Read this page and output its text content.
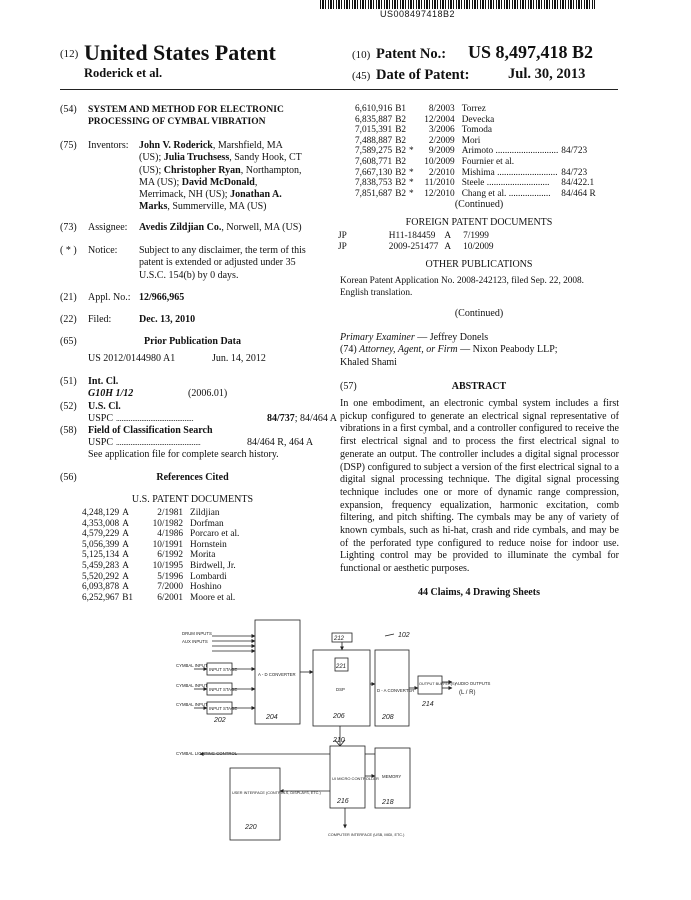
US008497418B2
(12) United States Patent
Roderick et al.
(10) Patent No.: US 8,497,418 B2
(45) Date of Patent:	Jul. 30, 2013
(54) SYSTEM AND METHOD FOR ELECTRONIC
PROCESSING OF CYMBAL VIBRATION
(75) Inventors: John V. Roderick, Marshfield, MA
(US); Julia Truchsess, Sandy Hook, CT
(US); Christopher Ryan, Northampton,
MA (US); David McDonald,
Merrimack, NH (US); Jonathan A.
Marks, Summerville, MA (US)
(73) Assignee: Avedis Zildjian Co., Norwell, MA (US)
( * ) Notice: Subject to any disclaimer, the term of this
patent is extended or adjusted under 35
U.S.C. 154(b) by 0 days.
(21) Appl. No.: 12/966,965
(22) Filed:	Dec. 13, 2010
(65)	Prior Publication Data
US 2012/0144980 A1	Jun. 14, 2012
(51) Int. Cl.
G10H 1/12	(2006.01)
(52) U.S. Cl.
USPC ...........................................	84/737; 84/464 A
(58) Field of Classification Search
USPC ...............................................	84/464 R, 464 A
See application file for complete search history.
(56)	References Cited
U.S. PATENT DOCUMENTS
4,248,129	A		2/1981	Zildjian
4,353,008	A		10/1982	Dorfman
4,579,229	A		4/1986	Porcaro et al.
5,056,399	A		10/1991	Hornstein
5,125,134	A		6/1992	Morita
5,459,283	A		10/1995	Birdwell, Jr.
5,520,292	A		5/1996	Lombardi
6,093,878	A		7/2000	Hoshino
6,252,967	B1		6/2001	Moore et al.
6,610,916	B1		8/2003	Torrez	
6,835,887	B2		12/2004	Devecka	
7,015,391	B2		3/2006	Tomoda	
7,488,887	B2		2/2009	Mori	
7,589,275	B2	*	9/2009	Arimoto ...........................	84/723
7,608,771	B2		10/2009	Fournier et al.	
7,667,130	B2	*	2/2010	Mishima ..........................	84/723
7,838,753	B2	*	11/2010	Steele ...........................	84/422.1
7,851,687	B2	*	12/2010	Chang et al. ..................	84/464 R
(Continued)
FOREIGN PATENT DOCUMENTS
JP	H11-184459	A	7/1999
JP	2009-251477	A	10/2009
OTHER PUBLICATIONS
Korean Patent Application No. 2008-242123, filed Sep. 22, 2008.
English translation.
(Continued)
Primary Examiner — Jeffrey Donels
(74) Attorney, Agent, or Firm — Nixon Peabody LLP;
Khaled Shami
(57)	ABSTRACT
In one embodiment, an electronic cymbal system includes a first pickup configured to generate an electrical signal representative of vibrations in a first cymbal, and a controller configured to receive the first electrical signal and to process the first electrical signal to generate an output. The controller includes a digital signal processor (DSP) configured to subject a version of the first electrical signal to a digital signal processing technique. The digital signal processing technique includes one or more of dynamic range compression, expansion, frequency equalization, harmonic excitation, comb filtering, and pitch shifting. The cymbals may be any of variety of known cymbals, such as hi-hat, crash and ride cymbals, and may be of the perforated type configured to reduce noise for indoor use. Lighting control may be provided to illuminate the cymbal for functional or aesthetic purposes.
44 Claims, 4 Drawing Sheets
DRUM INPUTS
AUX INPUTS
CYMBAL INPUT
CYMBAL INPUT
CYMBAL INPUT
INPUT STAGE
INPUT STAGE
INPUT STAGE
A - D CONVERTER
DSP	D - A CONVERTER
OUTPUT BUFFER(S) AUDIO OUTPUTS
(L / R)
CYMBAL LIGHTING CONTROL
UI MICRO CONTROLLER MEMORY
USER INTERFACE (CONTROLS, DISPLAYS, ETC.)
COMPUTER INTERFACE (USB, MIDI, ETC.)
102
202	204	206	208
210
212
214
216	218
220
221
